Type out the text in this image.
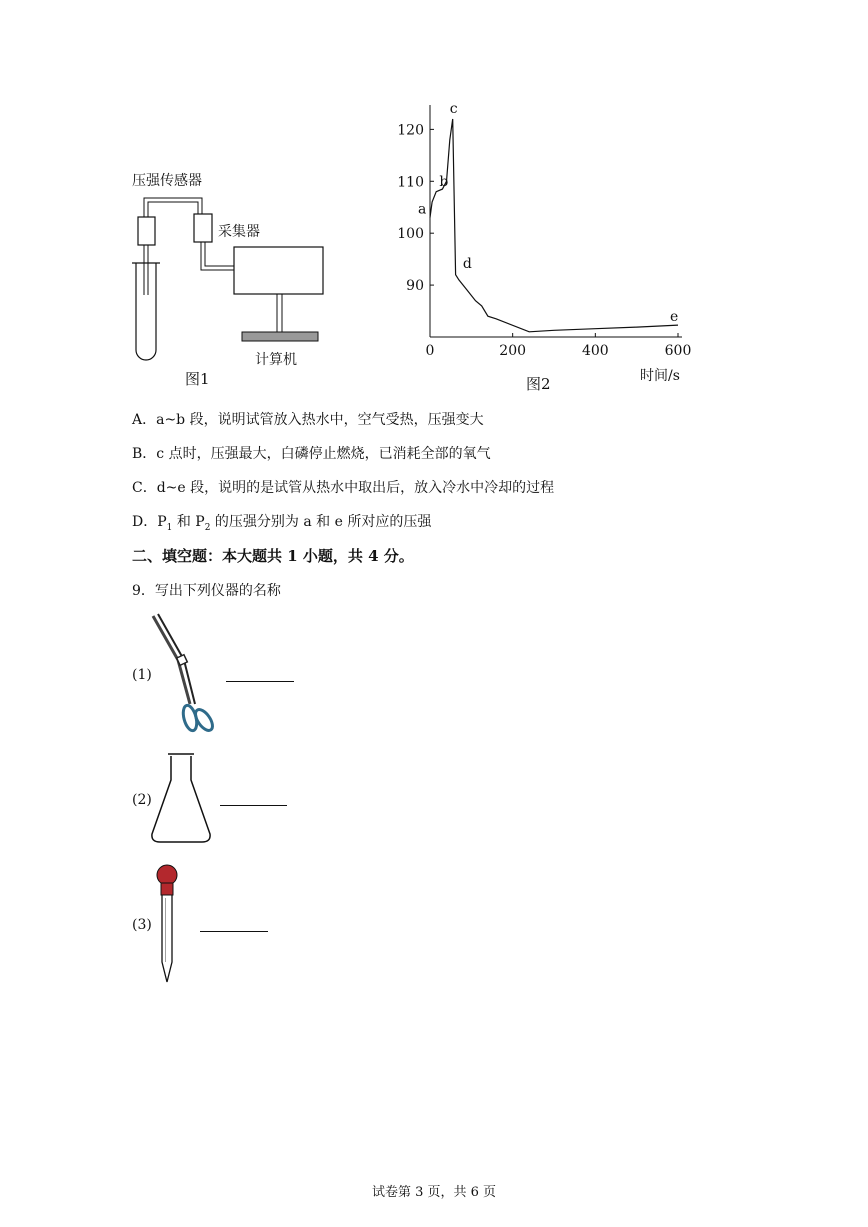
压强传感器
采集器
计算机
图1
0	200	400	600
90
100
110
120
a
b
c
d
e
时间/s
图2
A．a~b 段，说明试管放入热水中，空气受热，压强变大
B．c 点时，压强最大，白磷停止燃烧，已消耗全部的氧气
C．d~e 段，说明的是试管从热水中取出后，放入冷水中冷却的过程
D．$P_1$ 和 $P_2$ 的压强分别为 a 和 e 所对应的压强
二、填空题：本大题共 1 小题，共 4 分。
9．写出下列仪器的名称
(1)
(2)
(3)
试卷第 3 页，共 6 页
